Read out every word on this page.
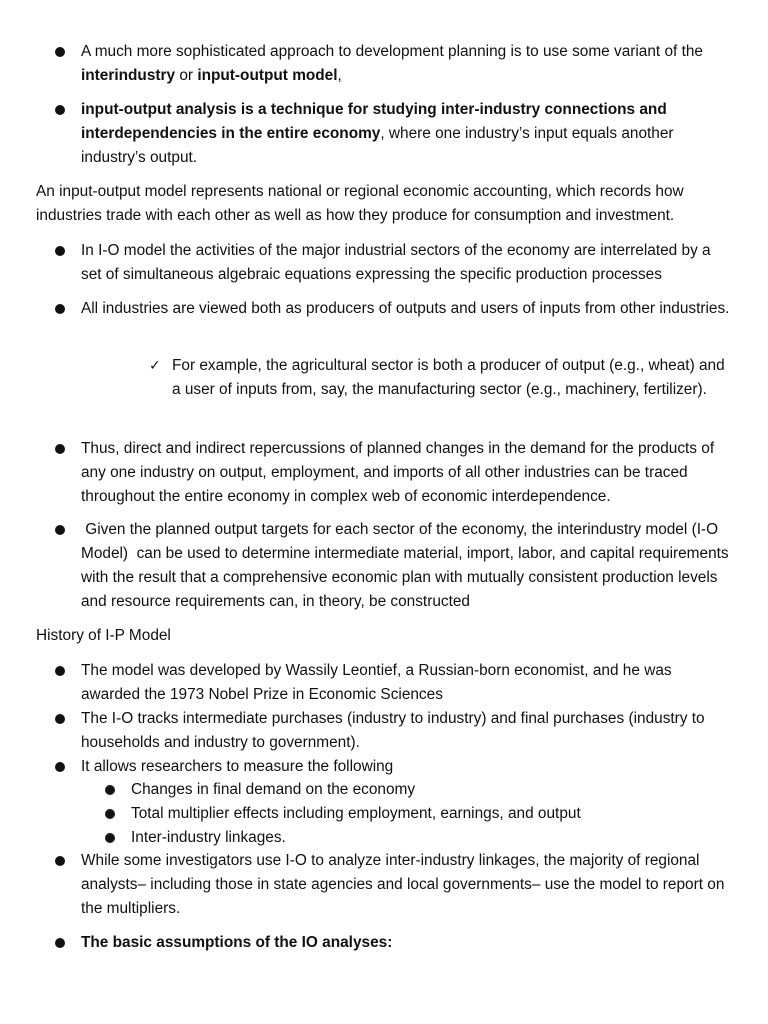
A much more sophisticated approach to development planning is to use some variant of the interindustry or input-output model,
input-output analysis is a technique for studying inter-industry connections and interdependencies in the entire economy, where one industry’s input equals another industry’s output.
An input-output model represents national or regional economic accounting, which records how industries trade with each other as well as how they produce for consumption and investment.
In I-O model the activities of the major industrial sectors of the economy are interrelated by a set of simultaneous algebraic equations expressing the specific production processes
All industries are viewed both as producers of outputs and users of inputs from other industries.
✓ For example, the agricultural sector is both a producer of output (e.g., wheat) and a user of inputs from, say, the manufacturing sector (e.g., machinery, fertilizer).
Thus, direct and indirect repercussions of planned changes in the demand for the products of any one industry on output, employment, and imports of all other industries can be traced throughout the entire economy in complex web of economic interdependence.
Given the planned output targets for each sector of the economy, the interindustry model (I-O Model)  can be used to determine intermediate material, import, labor, and capital requirements with the result that a comprehensive economic plan with mutually consistent production levels and resource requirements can, in theory, be constructed
History of I-P Model
The model was developed by Wassily Leontief, a Russian-born economist, and he was awarded the 1973 Nobel Prize in Economic Sciences
The I-O tracks intermediate purchases (industry to industry) and final purchases (industry to households and industry to government).
It allows researchers to measure the following
Changes in final demand on the economy
Total multiplier effects including employment, earnings, and output
Inter-industry linkages.
While some investigators use I-O to analyze inter-industry linkages, the majority of regional analysts– including those in state agencies and local governments– use the model to report on the multipliers.
The basic assumptions of the IO analyses:
